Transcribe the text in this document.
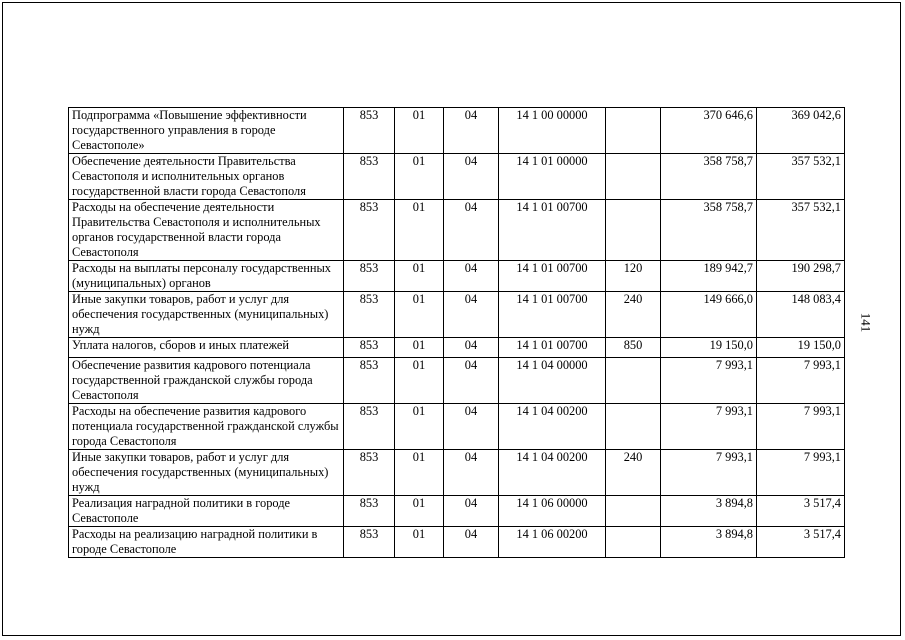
Подпрограмма «Повышение эффективности государственного управления в городе Севастополе»	853	01	04	14 1 00 00000		370 646,6	369 042,6
Обеспечение деятельности Правительства Севастополя и исполнительных органов государственной власти города Севастополя	853	01	04	14 1 01 00000		358 758,7	357 532,1
Расходы на обеспечение деятельности Правительства Севастополя и исполнительных органов государственной власти города Севастополя	853	01	04	14 1 01 00700		358 758,7	357 532,1
Расходы на выплаты персоналу государственных (муниципальных) органов	853	01	04	14 1 01 00700	120	189 942,7	190 298,7
Иные закупки товаров, работ и услуг для обеспечения государственных (муниципальных) нужд	853	01	04	14 1 01 00700	240	149 666,0	148 083,4
Уплата налогов, сборов и иных платежей	853	01	04	14 1 01 00700	850	19 150,0	19 150,0
Обеспечение развития кадрового потенциала государственной гражданской службы города Севастополя	853	01	04	14 1 04 00000		7 993,1	7 993,1
Расходы на обеспечение развития кадрового потенциала государственной гражданской службы города Севастополя	853	01	04	14 1 04 00200		7 993,1	7 993,1
Иные закупки товаров, работ и услуг для обеспечения государственных (муниципальных) нужд	853	01	04	14 1 04 00200	240	7 993,1	7 993,1
Реализация наградной политики в городе Севастополе	853	01	04	14 1 06 00000		3 894,8	3 517,4
Расходы на реализацию наградной политики в городе Севастополе	853	01	04	14 1 06 00200		3 894,8	3 517,4
141
